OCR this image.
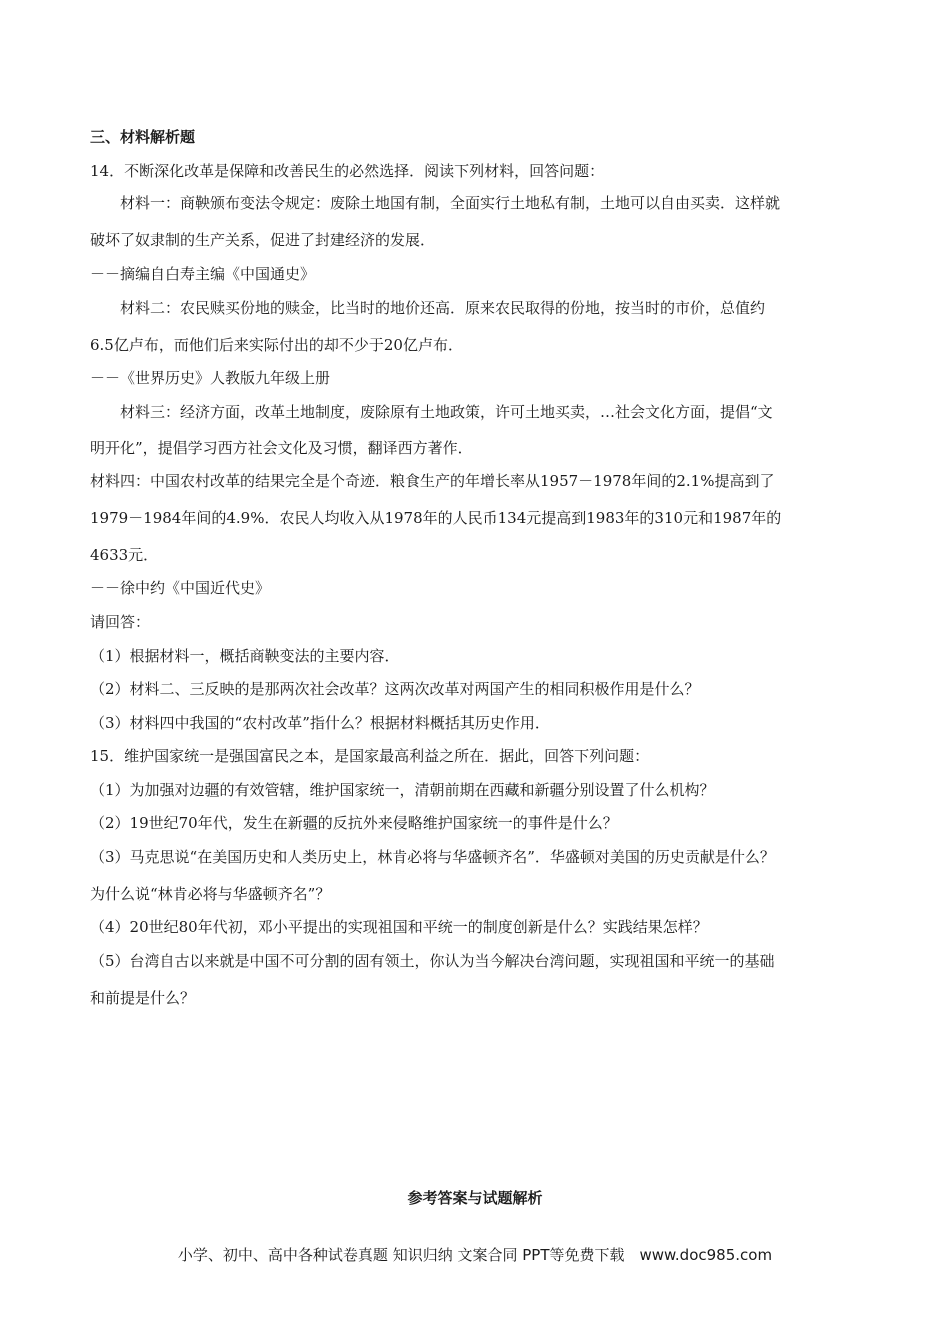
三、材料解析题
14．不断深化改革是保障和改善民生的必然选择．阅读下列材料，回答问题：
材料一：商鞅颁布变法令规定：废除土地国有制，全面实行土地私有制，土地可以自由买卖．这样就
破坏了奴隶制的生产关系，促进了封建经济的发展．
－－摘编自白寿主编《中国通史》
材料二：农民赎买份地的赎金，比当时的地价还高．原来农民取得的份地，按当时的市价，总值约
6.5亿卢布，而他们后来实际付出的却不少于20亿卢布．
－－《世界历史》人教版九年级上册
材料三：经济方面，改革土地制度，废除原有土地政策，许可土地买卖，…社会文化方面，提倡“文
明开化”，提倡学习西方社会文化及习惯，翻译西方著作．
材料四：中国农村改革的结果完全是个奇迹．粮食生产的年增长率从1957－1978年间的2.1%提高到了
1979－1984年间的4.9%．农民人均收入从1978年的人民币134元提高到1983年的310元和1987年的
4633元．
－－徐中约《中国近代史》
请回答：
（1）根据材料一，概括商鞅变法的主要内容．
（2）材料二、三反映的是那两次社会改革？这两次改革对两国产生的相同积极作用是什么？
（3）材料四中我国的“农村改革”指什么？根据材料概括其历史作用．
15．维护国家统一是强国富民之本，是国家最高利益之所在．据此，回答下列问题：
（1）为加强对边疆的有效管辖，维护国家统一，清朝前期在西藏和新疆分别设置了什么机构？
（2）19世纪70年代，发生在新疆的反抗外来侵略维护国家统一的事件是什么？
（3）马克思说“在美国历史和人类历史上，林肯必将与华盛顿齐名”．华盛顿对美国的历史贡献是什么？
为什么说“林肯必将与华盛顿齐名”？
（4）20世纪80年代初，邓小平提出的实现祖国和平统一的制度创新是什么？实践结果怎样？
（5）台湾自古以来就是中国不可分割的固有领土，你认为当今解决台湾问题，实现祖国和平统一的基础
和前提是什么？
参考答案与试题解析
小学、初中、高中各种试卷真题 知识归纳 文案合同 PPT等免费下载　www.doc985.com
